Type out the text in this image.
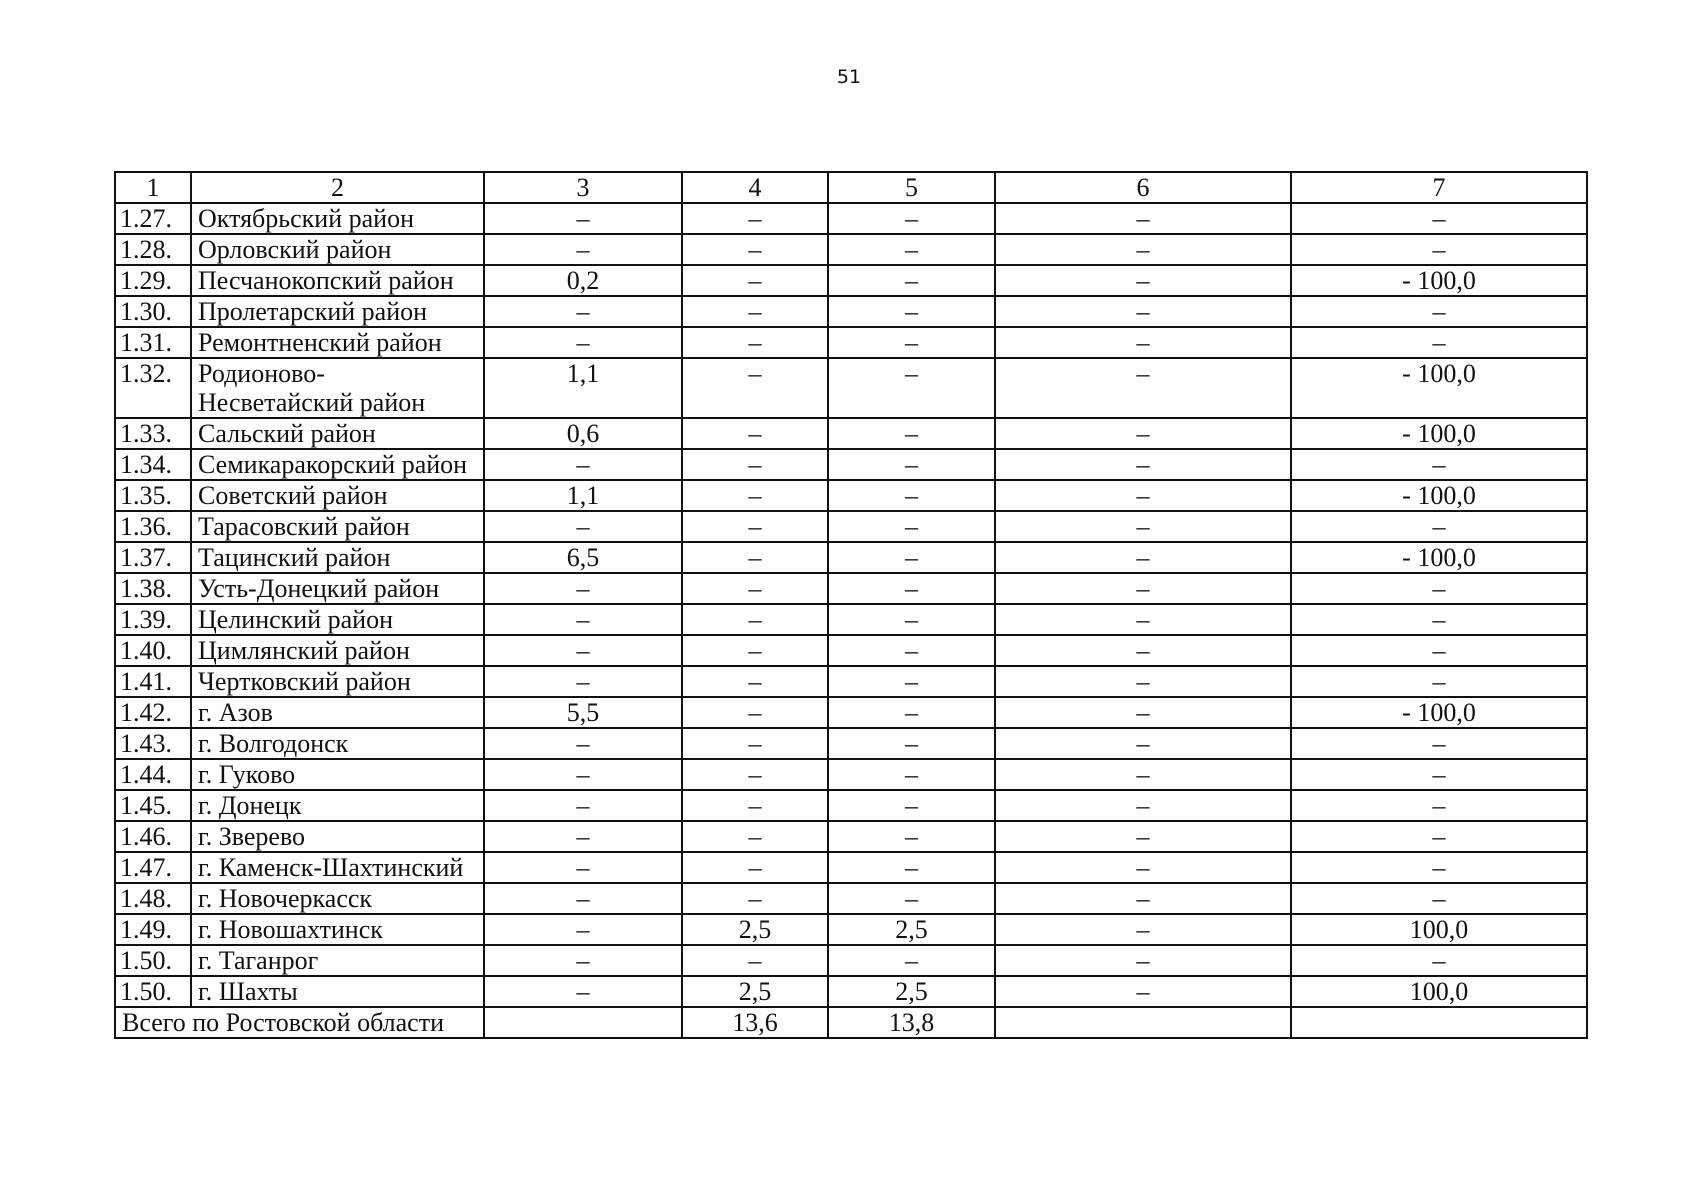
51
1	2	3	4	5	6	7
1.27.	Октябрьский район	–	–	–	–	–
1.28.	Орловский район	–	–	–	–	–
1.29.	Песчанокопский район	0,2	–	–	–	- 100,0
1.30.	Пролетарский район	–	–	–	–	–
1.31.	Ремонтненский район	–	–	–	–	–
1.32.	Родионово-Несветайский район	1,1	–	–	–	- 100,0
1.33.	Сальский район	0,6	–	–	–	- 100,0
1.34.	Семикаракорский район	–	–	–	–	–
1.35.	Советский район	1,1	–	–	–	- 100,0
1.36.	Тарасовский район	–	–	–	–	–
1.37.	Тацинский район	6,5	–	–	–	- 100,0
1.38.	Усть-Донецкий район	–	–	–	–	–
1.39.	Целинский район	–	–	–	–	–
1.40.	Цимлянский район	–	–	–	–	–
1.41.	Чертковский район	–	–	–	–	–
1.42.	г. Азов	5,5	–	–	–	- 100,0
1.43.	г. Волгодонск	–	–	–	–	–
1.44.	г. Гуково	–	–	–	–	–
1.45.	г. Донецк	–	–	–	–	–
1.46.	г. Зверево	–	–	–	–	–
1.47.	г. Каменск-Шахтинский	–	–	–	–	–
1.48.	г. Новочеркасск	–	–	–	–	–
1.49.	г. Новошахтинск	–	2,5	2,5	–	100,0
1.50.	г. Таганрог	–	–	–	–	–
1.50.	г. Шахты	–	2,5	2,5	–	100,0
Всего по Ростовской области			13,6	13,8		
